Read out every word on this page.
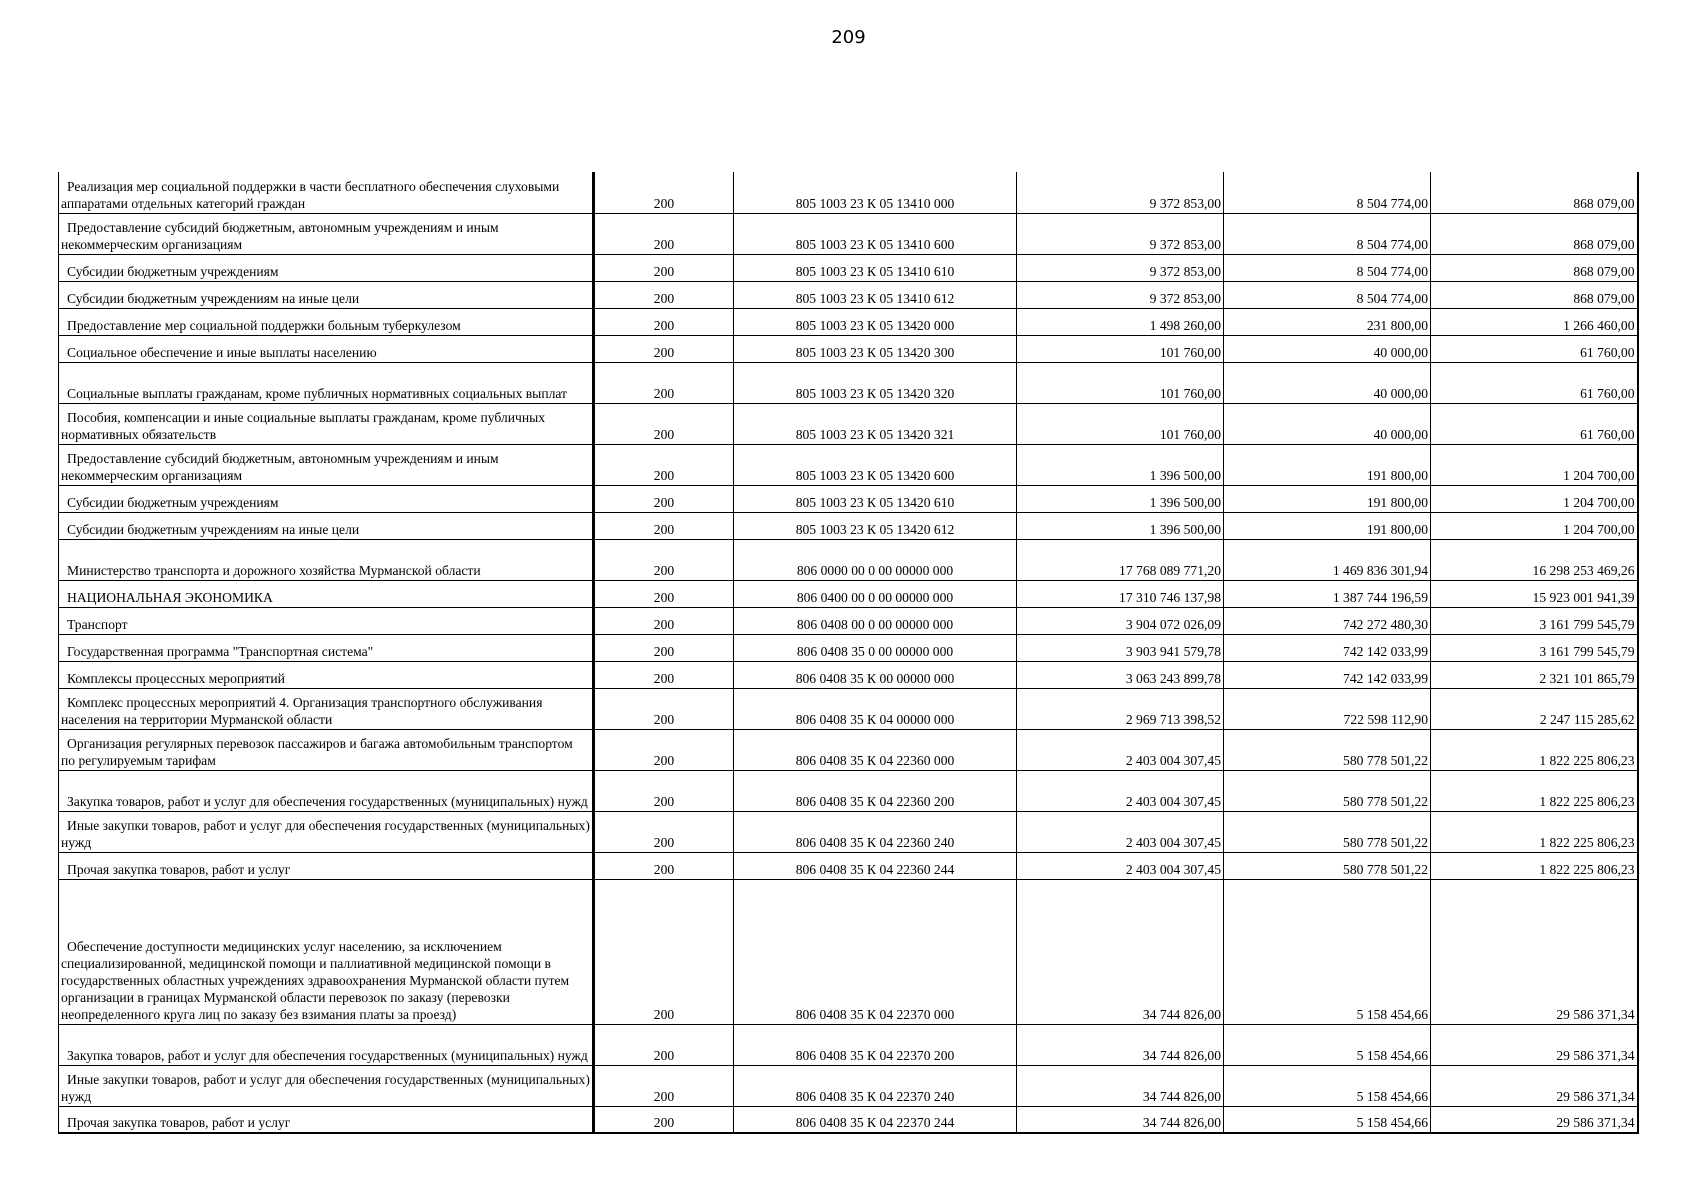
209
Реализация мер социальной поддержки в части бесплатного обеспечения слуховыми аппаратами отдельных категорий граждан	200	805 1003 23 К 05 13410 000	9 372 853,00	8 504 774,00	868 079,00
Предоставление субсидий бюджетным, автономным учреждениям и иным некоммерческим организациям	200	805 1003 23 К 05 13410 600	9 372 853,00	8 504 774,00	868 079,00
Субсидии бюджетным учреждениям	200	805 1003 23 К 05 13410 610	9 372 853,00	8 504 774,00	868 079,00
Субсидии бюджетным учреждениям на иные цели	200	805 1003 23 К 05 13410 612	9 372 853,00	8 504 774,00	868 079,00
Предоставление мер социальной поддержки больным туберкулезом	200	805 1003 23 К 05 13420 000	1 498 260,00	231 800,00	1 266 460,00
Социальное обеспечение и иные выплаты населению	200	805 1003 23 К 05 13420 300	101 760,00	40 000,00	61 760,00
Социальные выплаты гражданам, кроме публичных нормативных социальных выплат	200	805 1003 23 К 05 13420 320	101 760,00	40 000,00	61 760,00
Пособия, компенсации и иные социальные выплаты гражданам, кроме публичных нормативных обязательств	200	805 1003 23 К 05 13420 321	101 760,00	40 000,00	61 760,00
Предоставление субсидий бюджетным, автономным учреждениям и иным некоммерческим организациям	200	805 1003 23 К 05 13420 600	1 396 500,00	191 800,00	1 204 700,00
Субсидии бюджетным учреждениям	200	805 1003 23 К 05 13420 610	1 396 500,00	191 800,00	1 204 700,00
Субсидии бюджетным учреждениям на иные цели	200	805 1003 23 К 05 13420 612	1 396 500,00	191 800,00	1 204 700,00
Министерство транспорта и дорожного хозяйства Мурманской области	200	806 0000 00 0 00 00000 000	17 768 089 771,20	1 469 836 301,94	16 298 253 469,26
НАЦИОНАЛЬНАЯ ЭКОНОМИКА	200	806 0400 00 0 00 00000 000	17 310 746 137,98	1 387 744 196,59	15 923 001 941,39
Транспорт	200	806 0408 00 0 00 00000 000	3 904 072 026,09	742 272 480,30	3 161 799 545,79
Государственная программа "Транспортная система"	200	806 0408 35 0 00 00000 000	3 903 941 579,78	742 142 033,99	3 161 799 545,79
Комплексы процессных мероприятий	200	806 0408 35 К 00 00000 000	3 063 243 899,78	742 142 033,99	2 321 101 865,79
Комплекс процессных мероприятий 4. Организация транспортного обслуживания населения на территории Мурманской области	200	806 0408 35 К 04 00000 000	2 969 713 398,52	722 598 112,90	2 247 115 285,62
Организация регулярных перевозок пассажиров и багажа автомобильным транспортом по регулируемым тарифам	200	806 0408 35 К 04 22360 000	2 403 004 307,45	580 778 501,22	1 822 225 806,23
Закупка товаров, работ и услуг для обеспечения государственных (муниципальных) нужд	200	806 0408 35 К 04 22360 200	2 403 004 307,45	580 778 501,22	1 822 225 806,23
Иные закупки товаров, работ и услуг для обеспечения государственных (муниципальных) нужд	200	806 0408 35 К 04 22360 240	2 403 004 307,45	580 778 501,22	1 822 225 806,23
Прочая закупка товаров, работ и услуг	200	806 0408 35 К 04 22360 244	2 403 004 307,45	580 778 501,22	1 822 225 806,23
Обеспечение доступности медицинских услуг населению, за исключением специализированной, медицинской помощи и паллиативной медицинской помощи в государственных областных учреждениях здравоохранения Мурманской области путем организации в границах Мурманской области перевозок по заказу (перевозки неопределенного круга лиц по заказу без взимания платы за проезд)	200	806 0408 35 К 04 22370 000	34 744 826,00	5 158 454,66	29 586 371,34
Закупка товаров, работ и услуг для обеспечения государственных (муниципальных) нужд	200	806 0408 35 К 04 22370 200	34 744 826,00	5 158 454,66	29 586 371,34
Иные закупки товаров, работ и услуг для обеспечения государственных (муниципальных) нужд	200	806 0408 35 К 04 22370 240	34 744 826,00	5 158 454,66	29 586 371,34
Прочая закупка товаров, работ и услуг	200	806 0408 35 К 04 22370 244	34 744 826,00	5 158 454,66	29 586 371,34
